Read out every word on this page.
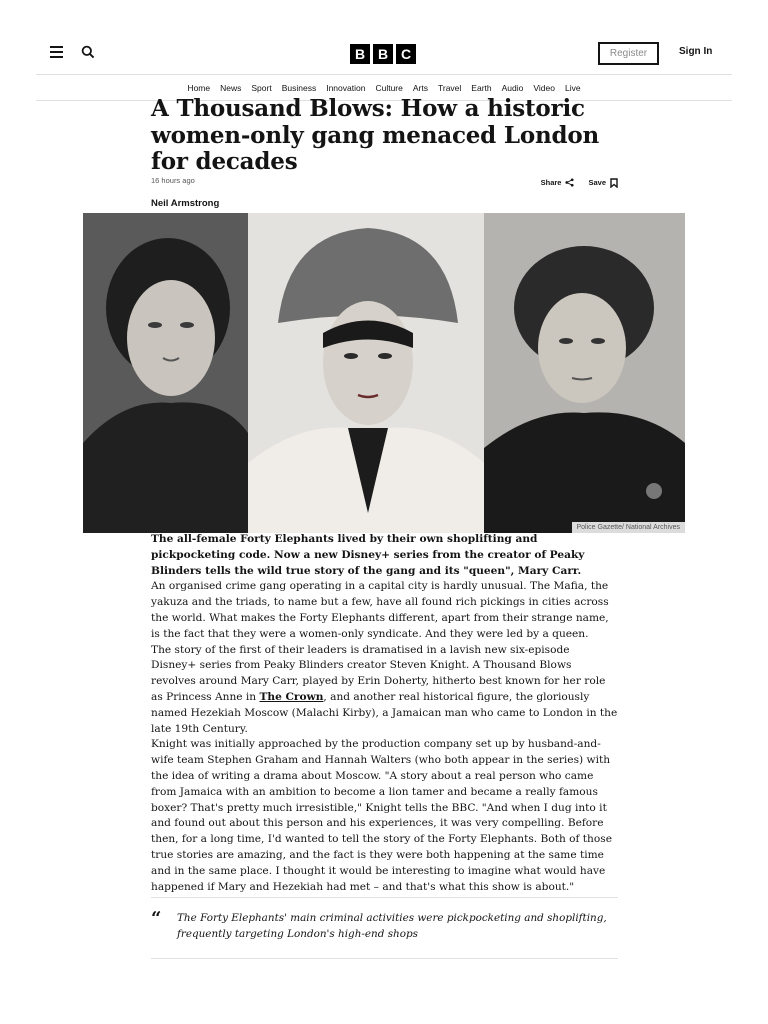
B B C	Register	Sign In
Home News Sport Business Innovation Culture Arts Travel Earth Audio Video Live
A Thousand Blows: How a historic women-only gang menaced London for decades
16 hours ago	Share	Save
Neil Armstrong
Police Gazette/ National Archives

The all-female Forty Elephants lived by their own shoplifting and pickpocketing code. Now a new Disney+ series from the creator of Peaky Blinders tells the wild true story of the gang and its "queen", Mary Carr.

An organised crime gang operating in a capital city is hardly unusual. The Mafia, the yakuza and the triads, to name but a few, have all found rich pickings in cities across the world. What makes the Forty Elephants different, apart from their strange name, is the fact that they were a women-only syndicate. And they were led by a queen.

The story of the first of their leaders is dramatised in a lavish new six-episode Disney+ series from Peaky Blinders creator Steven Knight. A Thousand Blows revolves around Mary Carr, played by Erin Doherty, hitherto best known for her role as Princess Anne in The Crown, and another real historical figure, the gloriously named Hezekiah Moscow (Malachi Kirby), a Jamaican man who came to London in the late 19th Century.

Knight was initially approached by the production company set up by husband-and-wife team Stephen Graham and Hannah Walters (who both appear in the series) with the idea of writing a drama about Moscow. "A story about a real person who came from Jamaica with an ambition to become a lion tamer and became a really famous boxer? That's pretty much irresistible," Knight tells the BBC. "And when I dug into it and found out about this person and his experiences, it was very compelling. Before then, for a long time, I'd wanted to tell the story of the Forty Elephants. Both of those true stories are amazing, and the fact is they were both happening at the same time and in the same place. I thought it would be interesting to imagine what would have happened if Mary and Hezekiah had met – and that's what this show is about."

“ The Forty Elephants' main criminal activities were pickpocketing and shoplifting, frequently targeting London's high-end shops
